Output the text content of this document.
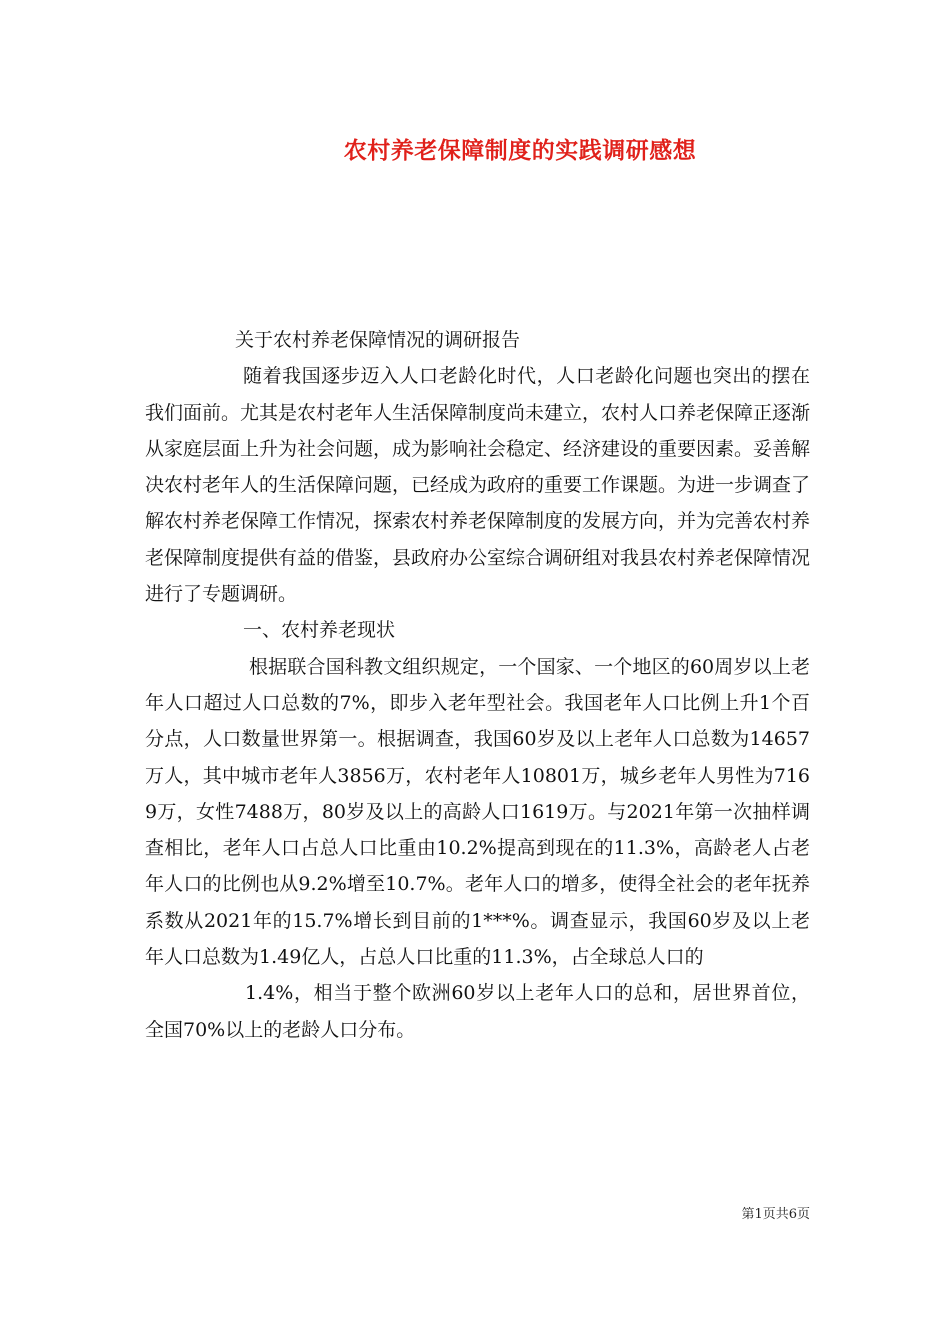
农村养老保障制度的实践调研感想

关于农村养老保障情况的调研报告

随着我国逐步迈入人口老龄化时代，人口老龄化问题也突出的摆在我们面前。尤其是农村老年人生活保障制度尚未建立，农村人口养老保障正逐渐从家庭层面上升为社会问题，成为影响社会稳定、经济建设的重要因素。妥善解决农村老年人的生活保障问题，已经成为政府的重要工作课题。为进一步调查了解农村养老保障工作情况，探索农村养老保障制度的发展方向，并为完善农村养老保障制度提供有益的借鉴，县政府办公室综合调研组对我县农村养老保障情况进行了专题调研。

一、农村养老现状

根据联合国科教文组织规定，一个国家、一个地区的60周岁以上老年人口超过人口总数的7%，即步入老年型社会。我国老年人口比例上升1个百分点，人口数量世界第一。根据调查，我国60岁及以上老年人口总数为14657万人，其中城市老年人3856万，农村老年人10801万，城乡老年人男性为7169万，女性7488万，80岁及以上的高龄人口1619万。与2021年第一次抽样调查相比，老年人口占总人口比重由10.2%提高到现在的11.3%，高龄老人占老年人口的比例也从9.2%增至10.7%。老年人口的增多，使得全社会的老年抚养系数从2021年的15.7%增长到目前的1***%。调查显示，我国60岁及以上老年人口总数为1.49亿人，占总人口比重的11.3%，占全球总人口的

1.4%，相当于整个欧洲60岁以上老年人口的总和，居世界首位，全国70%以上的老龄人口分布。

第1页共6页
